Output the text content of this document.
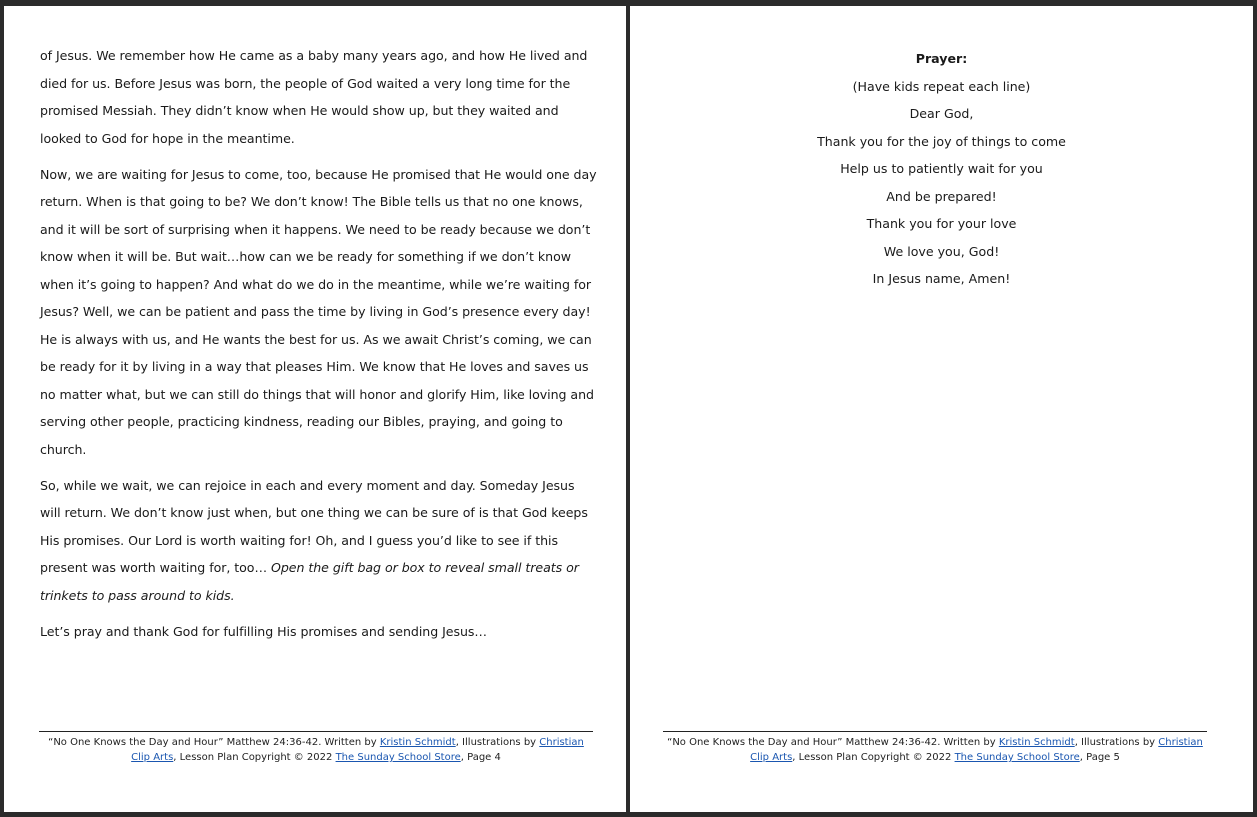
of Jesus. We remember how He came as a baby many years ago, and how He lived and died for us. Before Jesus was born, the people of God waited a very long time for the promised Messiah. They didn’t know when He would show up, but they waited and looked to God for hope in the meantime.

Now, we are waiting for Jesus to come, too, because He promised that He would one day return. When is that going to be? We don’t know! The Bible tells us that no one knows, and it will be sort of surprising when it happens. We need to be ready because we don’t know when it will be. But wait…how can we be ready for something if we don’t know when it’s going to happen? And what do we do in the meantime, while we’re waiting for Jesus? Well, we can be patient and pass the time by living in God’s presence every day! He is always with us, and He wants the best for us. As we await Christ’s coming, we can be ready for it by living in a way that pleases Him. We know that He loves and saves us no matter what, but we can still do things that will honor and glorify Him, like loving and serving other people, practicing kindness, reading our Bibles, praying, and going to church.

So, while we wait, we can rejoice in each and every moment and day. Someday Jesus will return. We don’t know just when, but one thing we can be sure of is that God keeps His promises. Our Lord is worth waiting for! Oh, and I guess you’d like to see if this present was worth waiting for, too… Open the gift bag or box to reveal small treats or trinkets to pass around to kids.

Let’s pray and thank God for fulfilling His promises and sending Jesus…

“No One Knows the Day and Hour” Matthew 24:36-42. Written by Kristin Schmidt, Illustrations by Christian Clip Arts, Lesson Plan Copyright © 2022 The Sunday School Store, Page 4
Prayer:
(Have kids repeat each line)
Dear God,
Thank you for the joy of things to come
Help us to patiently wait for you
And be prepared!
Thank you for your love
We love you, God!
In Jesus name, Amen!
“No One Knows the Day and Hour” Matthew 24:36-42. Written by Kristin Schmidt, Illustrations by Christian Clip Arts, Lesson Plan Copyright © 2022 The Sunday School Store, Page 5
